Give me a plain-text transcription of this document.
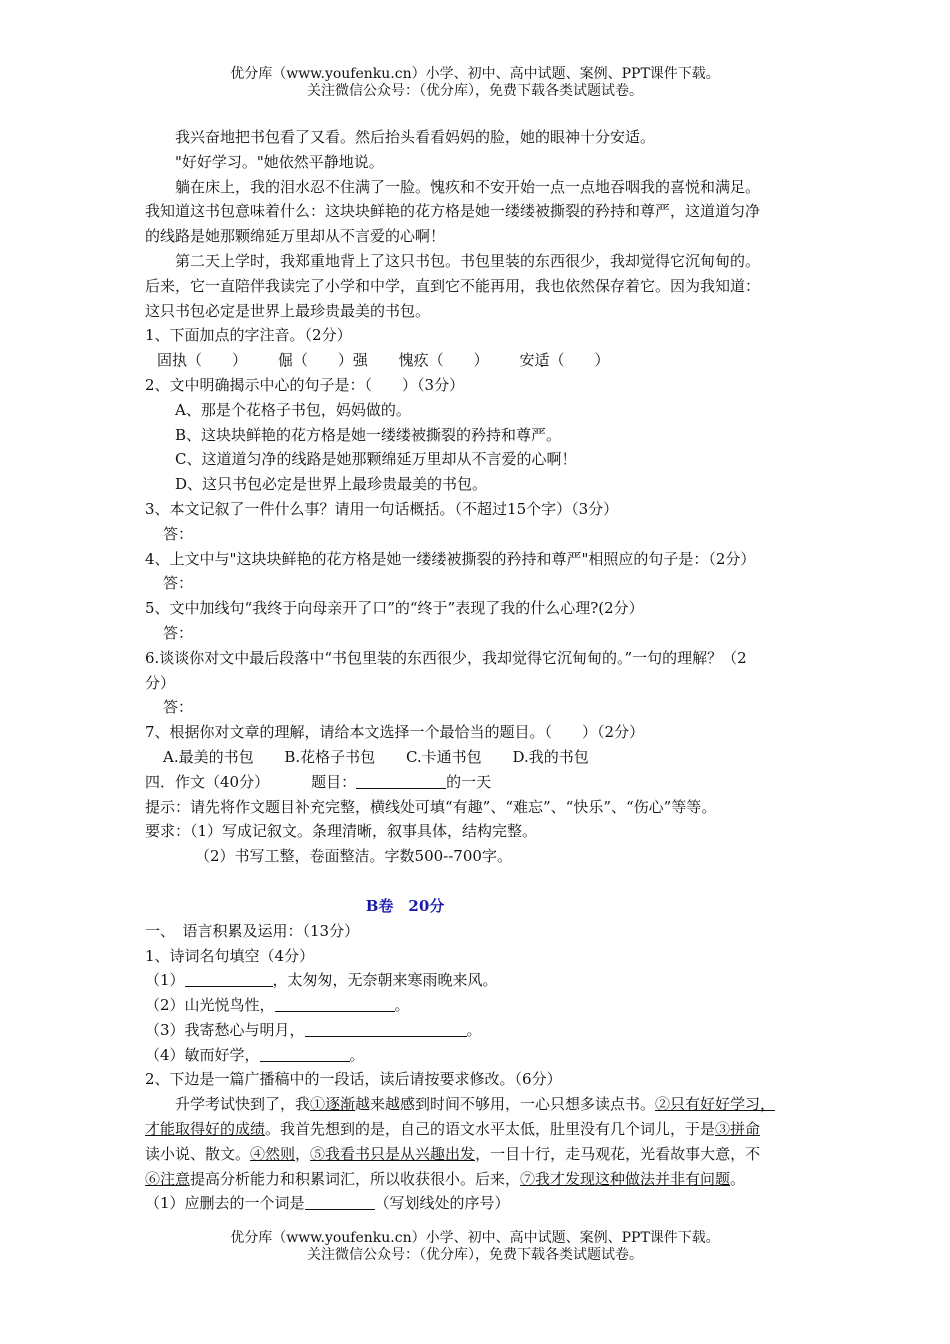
优分库（www.youfenku.cn）小学、初中、高中试题、案例、PPT课件下载。
关注微信公众号：（优分库），免费下载各类试题试卷。
我兴奋地把书包看了又看。然后抬头看看妈妈的脸，她的眼神十分安适。
"好好学习。"她依然平静地说。
躺在床上，我的泪水忍不住满了一脸。愧疚和不安开始一点一点地吞咽我的喜悦和满足。
我知道这书包意味着什么：这块块鲜艳的花方格是她一缕缕被撕裂的矜持和尊严，这道道匀净
的线路是她那颗绵延万里却从不言爱的心啊！
第二天上学时，我郑重地背上了这只书包。书包里装的东西很少，我却觉得它沉甸甸的。
后来，它一直陪伴我读完了小学和中学，直到它不能再用，我也依然保存着它。因为我知道：
这只书包必定是世界上最珍贵最美的书包。
1、下面加点的字注音。（2分）
固执（　　） 倔（　　）强 愧疚（　　） 安适（　　）
2、文中明确揭示中心的句子是：（　　）（3分）
A、那是个花格子书包，妈妈做的。
B、这块块鲜艳的花方格是她一缕缕被撕裂的矜持和尊严。
C、这道道匀净的线路是她那颗绵延万里却从不言爱的心啊！
D、这只书包必定是世界上最珍贵最美的书包。
3、本文记叙了一件什么事？请用一句话概括。（不超过15个字）（3分）
答：
4、上文中与"这块块鲜艳的花方格是她一缕缕被撕裂的矜持和尊严"相照应的句子是：（2分）
答：
5、文中加线句“我终于向母亲开了口”的“终于”表现了我的什么心理?(2分）
答：
6.谈谈你对文中最后段落中“书包里装的东西很少，我却觉得它沉甸甸的。”一句的理解？（2
分）
答：
7、根据你对文章的理解，请给本文选择一个最恰当的题目。（　　）（2分）
A.最美的书包 B.花格子书包 C.卡通书包 D.我的书包
四．作文（40分）	题目：	的一天
提示：请先将作文题目补充完整，横线处可填“有趣”、“难忘”、“快乐”、“伤心”等等。
要求：（1）写成记叙文。条理清晰，叙事具体，结构完整。
（2）书写工整，卷面整洁。字数500--700字。
B卷　20分
一、　语言积累及运用：（13分）
1、诗词名句填空（4分）
（1）	，太匆匆，无奈朝来寒雨晚来风。
（2）山光悦鸟性，	。
（3）我寄愁心与明月，	。
（4）敏而好学，	。
2、下边是一篇广播稿中的一段话，读后请按要求修改。（6分）
升学考试快到了，我①逐渐越来越感到时间不够用，一心只想多读点书。②只有好好学习，
才能取得好的成绩。我首先想到的是，自己的语文水平太低，肚里没有几个词儿，于是③拼命
读小说、散文。④然则，⑤我看书只是从兴趣出发，一目十行，走马观花，光看故事大意，不
⑥注意提高分析能力和积累词汇，所以收获很小。后来，⑦我才发现这种做法并非有问题。
（1）应删去的一个词是	（写划线处的序号）
优分库（www.youfenku.cn）小学、初中、高中试题、案例、PPT课件下载。
关注微信公众号：（优分库），免费下载各类试题试卷。
